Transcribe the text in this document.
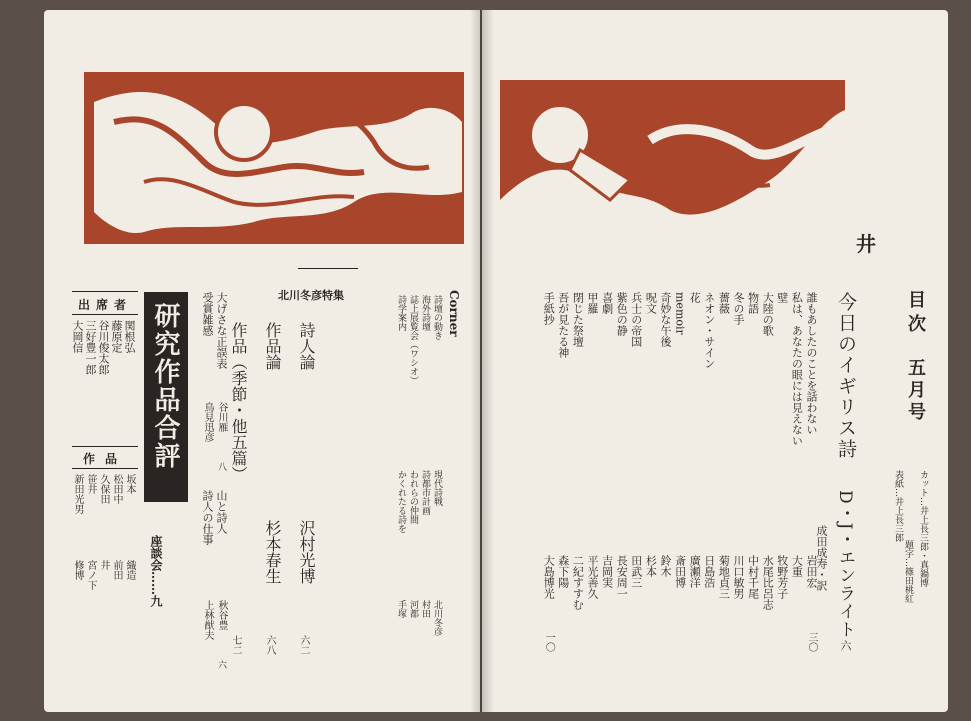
井
目次
五月号
表紙…井上長三郎 カット…井上長三郎・真鍋博
題字…篠田桃紅
今日のイギリス詩
D・J・エンライト
六
成田成寿・訳
誰もあしたのことを話わない
岩田宏
三〇
私は、あなたの眼には見えない
大重
壁
牧野芳子
大陸の歌
水尾比呂志
物語
中村千尾
冬の手
川口敏男
薔薇
菊地貞三
ネオン・サイン
日島浩
花
廣瀬洋
memoir
斎田博
奇妙な午後
鈴木
呪文
杉本
兵士の帝国
田武三
紫色の静
長安周一
喜劇
吉岡実
甲羅
平光善久
閉じた祭壇
二紀すすむ
吾が見たる神
森下陽
手紙抄
大島博光
一〇
Corner
詩壇の動き
海外詩壇
誌上展覧会（ワシオ）
詩学案内
現代詩戦
詩都市計画
われらの仲間
かくれたる詩を
北川冬彦
村田
河都
手塚
北川冬彦特集
詩人論
沢村光博
六二
作品論
杉本春生
六八
作品（季節・他五篇）
七二
大げさな正誤表
谷川雁
八
受賞雑感
鳥見迅彦
山と詩人
秋谷豊
六
詩人の仕事
上林猷夫
研究作品合評
座談会……九
出席者
関根弘
藤原定
谷川俊太郎
三好豊一郎
大岡信
作品
坂本
松田中
久保田
笹井
新田光男
織造
前田
井
宮ノ下
修博
